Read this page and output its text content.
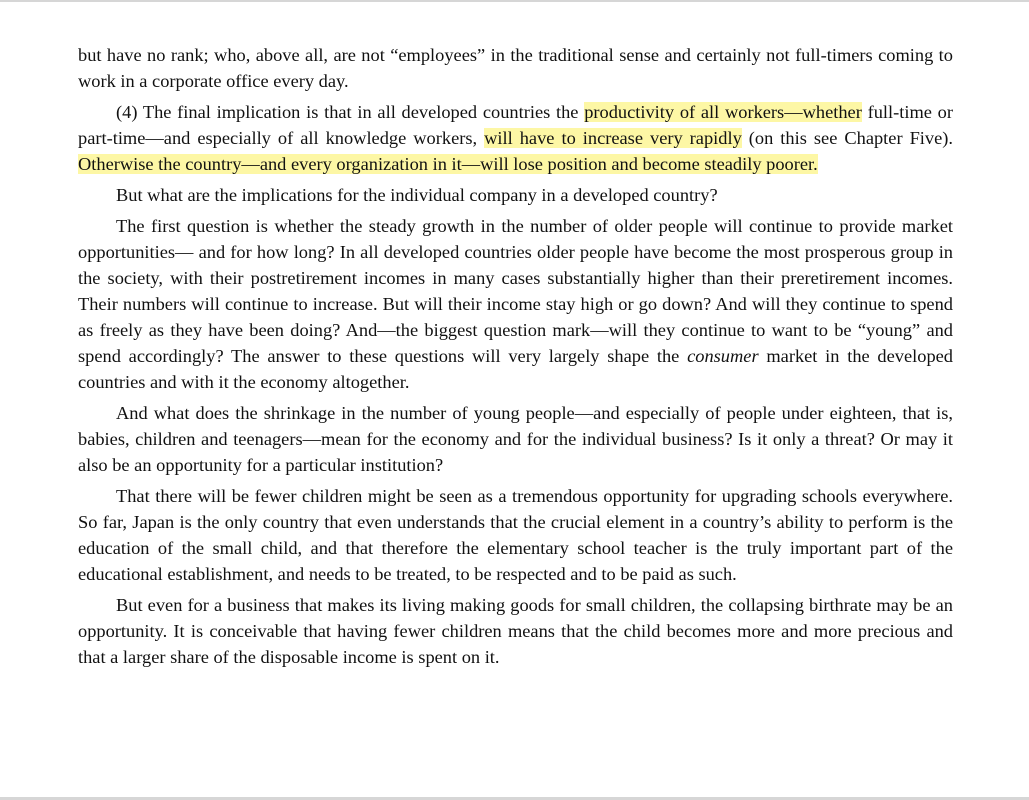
but have no rank; who, above all, are not “employees” in the traditional sense and certainly not full-timers coming to work in a corporate office every day.

(4) The final implication is that in all developed countries the productivity of all workers—whether full-time or part-time—and especially of all knowledge workers, will have to increase very rapidly (on this see Chapter Five). Otherwise the country—and every organization in it—will lose position and become steadily poorer.

But what are the implications for the individual company in a developed country?

The first question is whether the steady growth in the number of older people will continue to provide market opportunities— and for how long? In all developed countries older people have become the most prosperous group in the society, with their postretirement incomes in many cases substantially higher than their preretirement incomes. Their numbers will continue to increase. But will their income stay high or go down? And will they continue to spend as freely as they have been doing? And—the biggest question mark—will they continue to want to be “young” and spend accordingly? The answer to these questions will very largely shape the consumer market in the developed countries and with it the economy altogether.

And what does the shrinkage in the number of young people—and especially of people under eighteen, that is, babies, children and teenagers—mean for the economy and for the individual business? Is it only a threat? Or may it also be an opportunity for a particular institution?

That there will be fewer children might be seen as a tremendous opportunity for upgrading schools everywhere. So far, Japan is the only country that even understands that the crucial element in a country’s ability to perform is the education of the small child, and that therefore the elementary school teacher is the truly important part of the educational establishment, and needs to be treated, to be respected and to be paid as such.

But even for a business that makes its living making goods for small children, the collapsing birthrate may be an opportunity. It is conceivable that having fewer children means that the child becomes more and more precious and that a larger share of the disposable income is spent on it.
